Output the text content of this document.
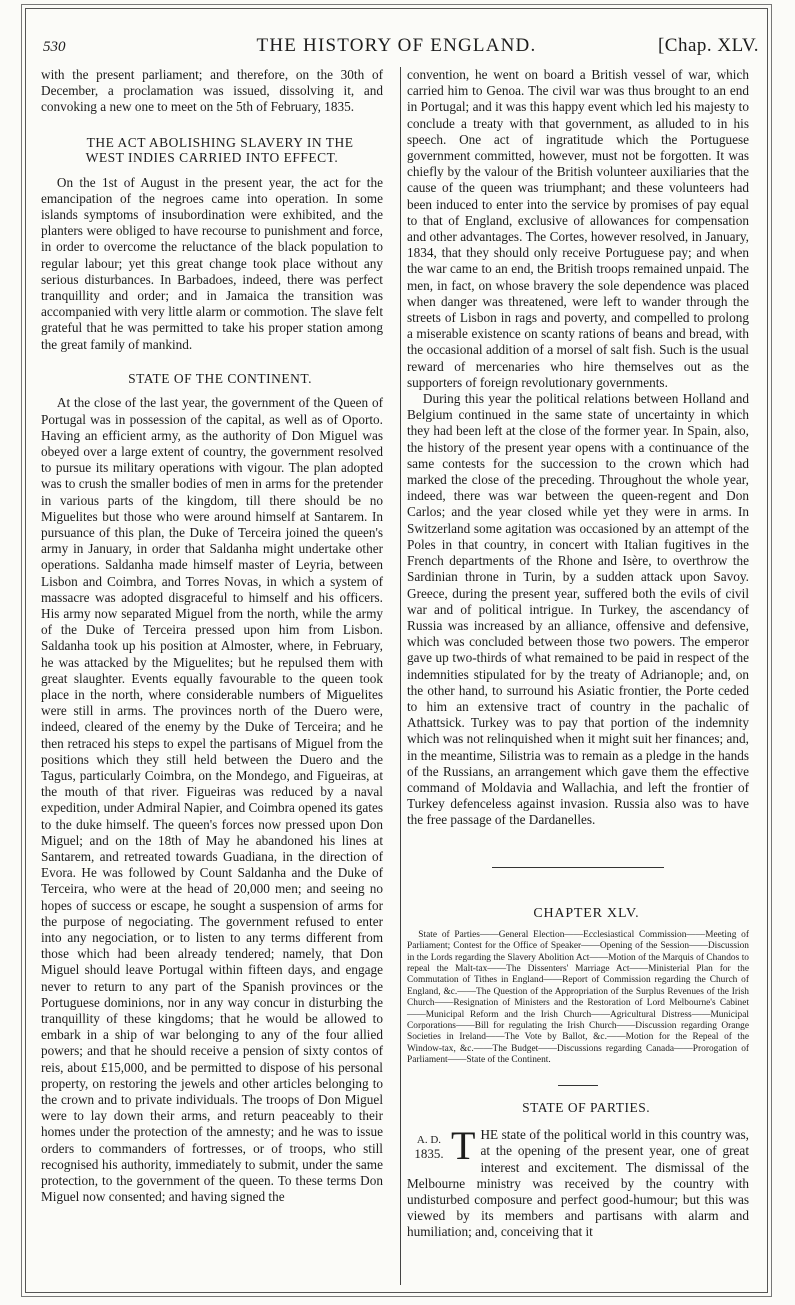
530	THE HISTORY OF ENGLAND.	[Chap. XLV.

with the present parliament; and therefore, on the 30th of December, a proclamation was issued, dissolving it, and convoking a new one to meet on the 5th of February, 1835.

THE ACT ABOLISHING SLAVERY IN THE WEST INDIES CARRIED INTO EFFECT.

On the 1st of August in the present year, the act for the emancipation of the negroes came into operation. In some islands symptoms of insubordination were exhibited, and the planters were obliged to have recourse to punishment and force, in order to overcome the reluctance of the black population to regular labour; yet this great change took place without any serious disturbances. In Barbadoes, indeed, there was perfect tranquillity and order; and in Jamaica the transition was accompanied with very little alarm or commotion. The slave felt grateful that he was permitted to take his proper station among the great family of mankind.

STATE OF THE CONTINENT.

At the close of the last year, the government of the Queen of Portugal was in possession of the capital, as well as of Oporto. Having an efficient army, as the authority of Don Miguel was obeyed over a large extent of country, the government resolved to pursue its military operations with vigour. The plan adopted was to crush the smaller bodies of men in arms for the pretender in various parts of the kingdom, till there should be no Miguelites but those who were around himself at Santarem. In pursuance of this plan, the Duke of Terceira joined the queen's army in January, in order that Saldanha might undertake other operations. Saldanha made himself master of Leyria, between Lisbon and Coimbra, and Torres Novas, in which a system of massacre was adopted disgraceful to himself and his officers. His army now separated Miguel from the north, while the army of the Duke of Terceira pressed upon him from Lisbon. Saldanha took up his position at Almoster, where, in February, he was attacked by the Miguelites; but he repulsed them with great slaughter. Events equally favourable to the queen took place in the north, where considerable numbers of Miguelites were still in arms. The provinces north of the Duero were, indeed, cleared of the enemy by the Duke of Terceira; and he then retraced his steps to expel the partisans of Miguel from the positions which they still held between the Duero and the Tagus, particularly Coimbra, on the Mondego, and Figueiras, at the mouth of that river. Figueiras was reduced by a naval expedition, under Admiral Napier, and Coimbra opened its gates to the duke himself. The queen's forces now pressed upon Don Miguel; and on the 18th of May he abandoned his lines at Santarem, and retreated towards Guadiana, in the direction of Evora. He was followed by Count Saldanha and the Duke of Terceira, who were at the head of 20,000 men; and seeing no hopes of success or escape, he sought a suspension of arms for the purpose of negociating. The government refused to enter into any negociation, or to listen to any terms different from those which had been already tendered; namely, that Don Miguel should leave Portugal within fifteen days, and engage never to return to any part of the Spanish provinces or the Portuguese dominions, nor in any way concur in disturbing the tranquillity of these kingdoms; that he would be allowed to embark in a ship of war belonging to any of the four allied powers; and that he should receive a pension of sixty contos of reis, about £15,000, and be permitted to dispose of his personal property, on restoring the jewels and other articles belonging to the crown and to private individuals. The troops of Don Miguel were to lay down their arms, and return peaceably to their homes under the protection of the amnesty; and he was to issue orders to commanders of fortresses, or of troops, who still recognised his authority, immediately to submit, under the same protection, to the government of the queen. To these terms Don Miguel now consented; and having signed the

convention, he went on board a British vessel of war, which carried him to Genoa. The civil war was thus brought to an end in Portugal; and it was this happy event which led his majesty to conclude a treaty with that government, as alluded to in his speech. One act of ingratitude which the Portuguese government committed, however, must not be forgotten. It was chiefly by the valour of the British volunteer auxiliaries that the cause of the queen was triumphant; and these volunteers had been induced to enter into the service by promises of pay equal to that of England, exclusive of allowances for compensation and other advantages. The Cortes, however resolved, in January, 1834, that they should only receive Portuguese pay; and when the war came to an end, the British troops remained unpaid. The men, in fact, on whose bravery the sole dependence was placed when danger was threatened, were left to wander through the streets of Lisbon in rags and poverty, and compelled to prolong a miserable existence on scanty rations of beans and bread, with the occasional addition of a morsel of salt fish. Such is the usual reward of mercenaries who hire themselves out as the supporters of foreign revolutionary governments.

During this year the political relations between Holland and Belgium continued in the same state of uncertainty in which they had been left at the close of the former year. In Spain, also, the history of the present year opens with a continuance of the same contests for the succession to the crown which had marked the close of the preceding. Throughout the whole year, indeed, there was war between the queen-regent and Don Carlos; and the year closed while yet they were in arms. In Switzerland some agitation was occasioned by an attempt of the Poles in that country, in concert with Italian fugitives in the French departments of the Rhone and Isère, to overthrow the Sardinian throne in Turin, by a sudden attack upon Savoy. Greece, during the present year, suffered both the evils of civil war and of political intrigue. In Turkey, the ascendancy of Russia was increased by an alliance, offensive and defensive, which was concluded between those two powers. The emperor gave up two-thirds of what remained to be paid in respect of the indemnities stipulated for by the treaty of Adrianople; and, on the other hand, to surround his Asiatic frontier, the Porte ceded to him an extensive tract of country in the pachalic of Athattsick. Turkey was to pay that portion of the indemnity which was not relinquished when it might suit her finances; and, in the meantime, Silistria was to remain as a pledge in the hands of the Russians, an arrangement which gave them the effective command of Moldavia and Wallachia, and left the frontier of Turkey defenceless against invasion. Russia also was to have the free passage of the Dardanelles.

CHAPTER XLV.

State of Parties——General Election——Ecclesiastical Commission——Meeting of Parliament; Contest for the Office of Speaker——Opening of the Session——Discussion in the Lords regarding the Slavery Abolition Act——Motion of the Marquis of Chandos to repeal the Malt-tax——The Dissenters' Marriage Act——Ministerial Plan for the Commutation of Tithes in England——Report of Commission regarding the Church of England, &c.——The Question of the Appropriation of the Surplus Revenues of the Irish Church——Resignation of Ministers and the Restoration of Lord Melbourne's Cabinet——Municipal Reform and the Irish Church——Agricultural Distress——Municipal Corporations——Bill for regulating the Irish Church——Discussion regarding Orange Societies in Ireland——The Vote by Ballot, &c.——Motion for the Repeal of the Window-tax, &c.——The Budget——Discussions regarding Canada——Prorogation of Parliament——State of the Continent.

STATE OF PARTIES.

A. D.
1835. T HE state of the political world in this country was, at the opening of the present year, one of great interest and excitement. The dismissal of the Melbourne ministry was received by the country with undisturbed composure and perfect good-humour; but this was viewed by its members and partisans with alarm and humiliation; and, conceiving that it
